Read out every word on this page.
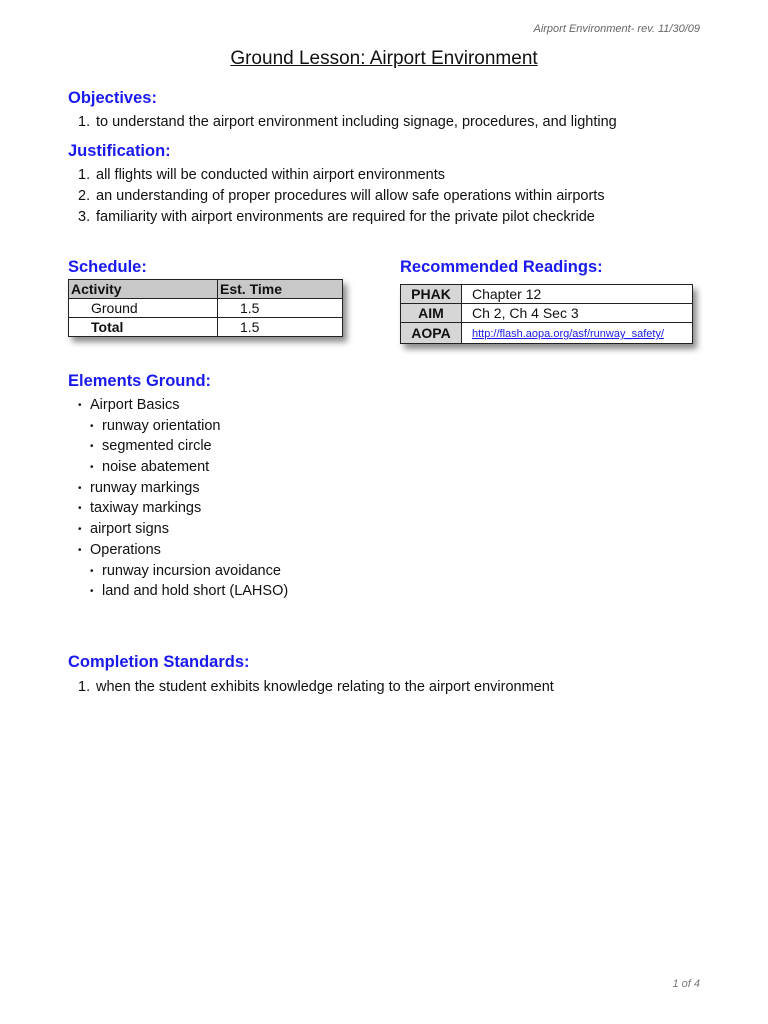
Airport Environment- rev. 11/30/09
Ground Lesson: Airport Environment
Objectives:
1. to understand the airport environment including signage, procedures, and lighting
Justification:
1. all flights will be conducted within airport environments
2. an understanding of proper procedures will allow safe operations within airports
3. familiarity with airport environments are required for the private pilot checkride
Schedule:
Activity	Est. Time
Ground	1.5
Total	1.5
Recommended Readings:
PHAK	Chapter 12
AIM	Ch 2, Ch 4 Sec 3
AOPA	http://flash.aopa.org/asf/runway_safety/
Elements Ground:
• Airport Basics
• runway orientation
• segmented circle
• noise abatement
• runway markings
• taxiway markings
• airport signs
• Operations
• runway incursion avoidance
• land and hold short (LAHSO)
Completion Standards:
1. when the student exhibits knowledge relating to the airport environment
1 of 4
